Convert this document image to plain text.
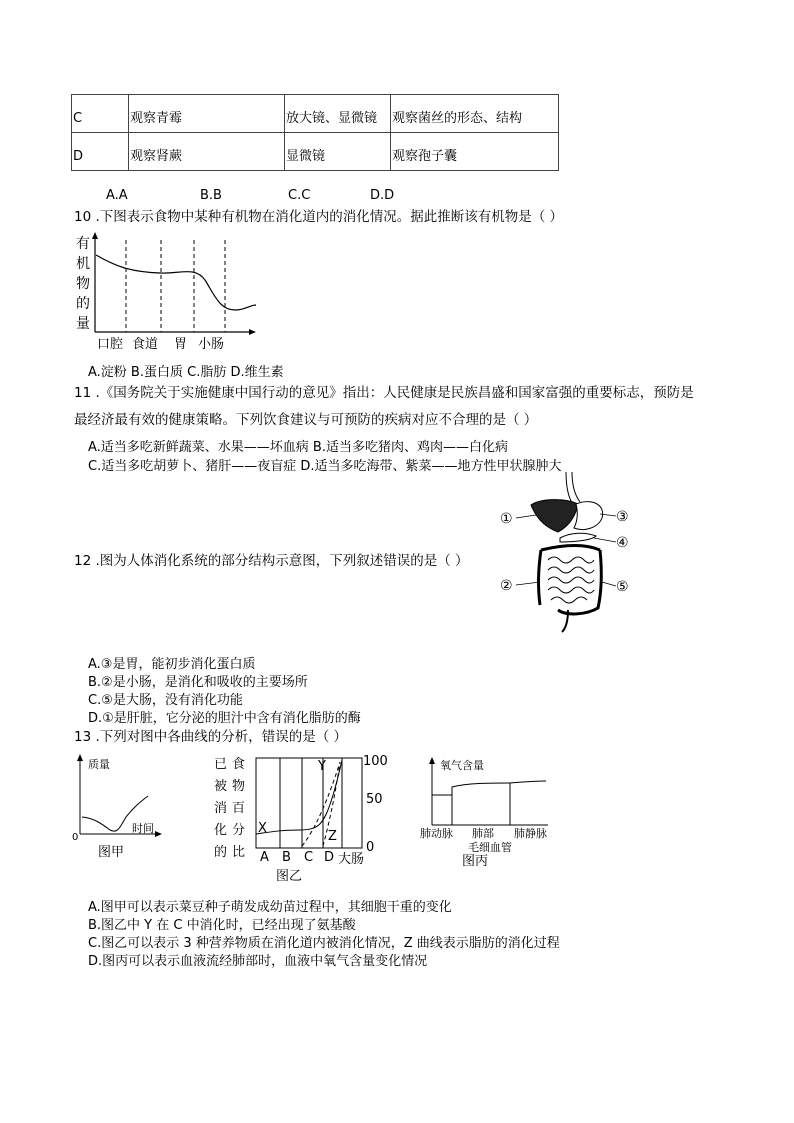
C	观察青霉	放大镜、显微镜	观察菌丝的形态、结构

D	观察肾蕨	显微镜	观察孢子囊
A.A	B.B	C.C	D.D
10 .下图表示食物中某种有机物在消化道内的消化情况。据此推断该有机物是（ ）
有
机
物
的
量
口腔 食道 胃 小肠
A.淀粉 B.蛋白质 C.脂肪 D.维生素
11 .《国务院关于实施健康中国行动的意见》指出：人民健康是民族昌盛和国家富强的重要标志，预防是
最经济最有效的健康策略。下列饮食建议与可预防的疾病对应不合理的是（ ）
A.适当多吃新鲜蔬菜、水果——坏血病 B.适当多吃猪肉、鸡肉——白化病
C.适当多吃胡萝卜、猪肝——夜盲症 D.适当多吃海带、紫菜——地方性甲状腺肿大
12 .图为人体消化系统的部分结构示意图，下列叙述错误的是（ ）
①
②
③
④
⑤
A.③是胃，能初步消化蛋白质
B.②是小肠，是消化和吸收的主要场所
C.⑤是大肠，没有消化功能
D.①是肝脏，它分泌的胆汁中含有消化脂肪的酶
13 .下列对图中各曲线的分析，错误的是（ ）
质量
时间
0
图甲
已
被
消
化
的
食
物
百
分
比
X
Y
Z
100
50
0
A B C D 大肠
图乙
氧气含量
肺动脉 肺部 肺静脉
毛细血管
图丙
A.图甲可以表示菜豆种子萌发成幼苗过程中，其细胞干重的变化
B.图乙中 Y 在 C 中消化时，已经出现了氨基酸
C.图乙可以表示 3 种营养物质在消化道内被消化情况，Z 曲线表示脂肪的消化过程
D.图丙可以表示血液流经肺部时，血液中氧气含量变化情况
